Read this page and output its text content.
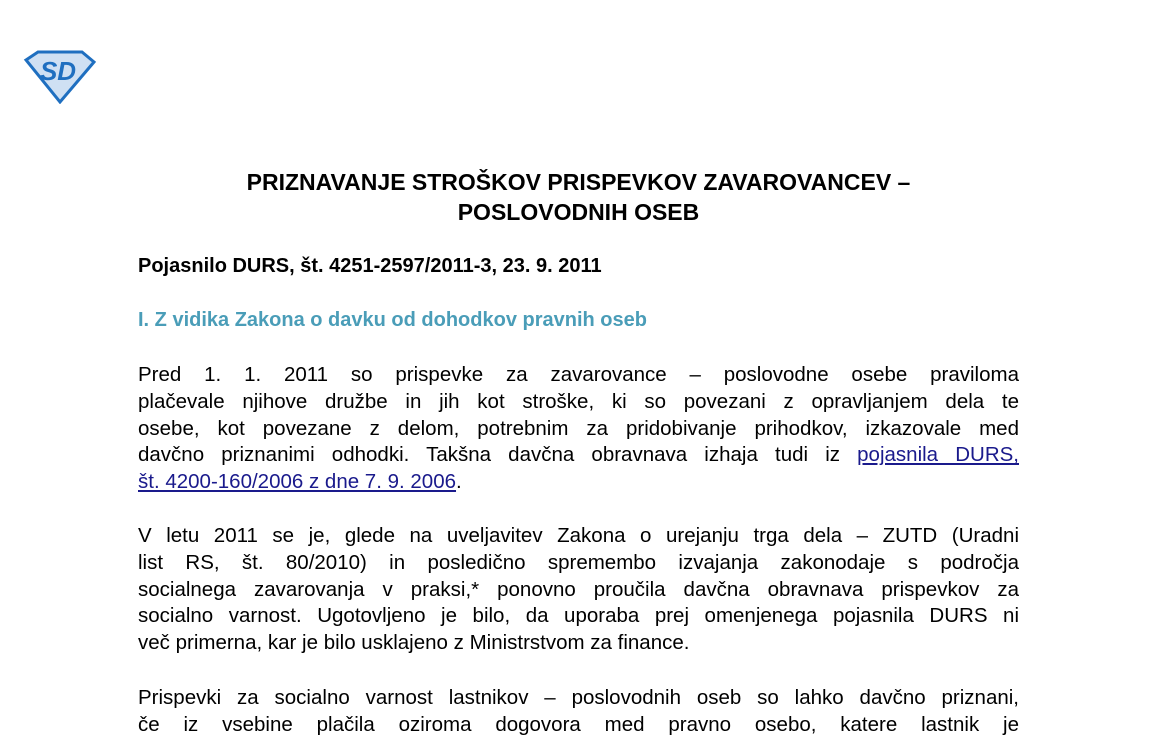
SD
PRIZNAVANJE STROŠKOV PRISPEVKOV ZAVAROVANCEV –
POSLOVODNIH OSEB
Pojasnilo DURS, št. 4251-2597/2011-3, 23. 9. 2011
I. Z vidika Zakona o davku od dohodkov pravnih oseb
Pred 1. 1. 2011 so prispevke za zavarovance – poslovodne osebe praviloma
plačevale njihove družbe in jih kot stroške, ki so povezani z opravljanjem dela te
osebe, kot povezane z delom, potrebnim za pridobivanje prihodkov, izkazovale med
davčno priznanimi odhodki. Takšna davčna obravnava izhaja tudi iz pojasnila DURS,
št. 4200-160/2006 z dne 7. 9. 2006.
V letu 2011 se je, glede na uveljavitev Zakona o urejanju trga dela – ZUTD (Uradni
list RS, št. 80/2010) in posledično spremembo izvajanja zakonodaje s področja
socialnega zavarovanja v praksi,* ponovno proučila davčna obravnava prispevkov za
socialno varnost. Ugotovljeno je bilo, da uporaba prej omenjenega pojasnila DURS ni
več primerna, kar je bilo usklajeno z Ministrstvom za finance.
Prispevki za socialno varnost lastnikov – poslovodnih oseb so lahko davčno priznani,
če iz vsebine plačila oziroma dogovora med pravno osebo, katere lastnik je
